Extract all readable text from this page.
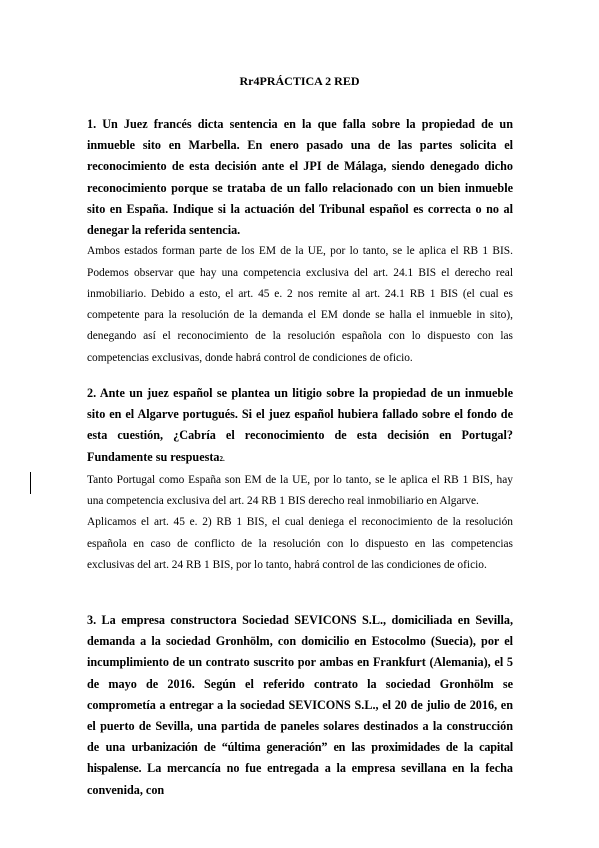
Rr4PRÁCTICA 2 RED

1. Un Juez francés dicta sentencia en la que falla sobre la propiedad de un inmueble sito en Marbella. En enero pasado una de las partes solicita el reconocimiento de esta decisión ante el JPI de Málaga, siendo denegado dicho reconocimiento porque se trataba de un fallo relacionado con un bien inmueble sito en España. Indique si la actuación del Tribunal español es correcta o no al denegar la referida sentencia.

Ambos estados forman parte de los EM de la UE, por lo tanto, se le aplica el RB 1 BIS. Podemos observar que hay una competencia exclusiva del art. 24.1 BIS el derecho real inmobiliario. Debido a esto, el art. 45 e. 2 nos remite al art. 24.1 RB 1 BIS (el cual es competente para la resolución de la demanda el EM donde se halla el inmueble in sito), denegando así el reconocimiento de la resolución española con lo dispuesto con las competencias exclusivas, donde habrá control de condiciones de oficio.

2. Ante un juez español se plantea un litigio sobre la propiedad de un inmueble sito en el Algarve portugués. Si el juez español hubiera fallado sobre el fondo de esta cuestión, ¿Cabría el reconocimiento de esta decisión en Portugal? Fundamente su respuesta2.

Tanto Portugal como España son EM de la UE, por lo tanto, se le aplica el RB 1 BIS, hay una competencia exclusiva del art. 24 RB 1 BIS derecho real inmobiliario en Algarve.

Aplicamos el art. 45 e. 2) RB 1 BIS, el cual deniega el reconocimiento de la resolución española en caso de conflicto de la resolución con lo dispuesto en las competencias exclusivas del art. 24 RB 1 BIS, por lo tanto, habrá control de las condiciones de oficio.

3. La empresa constructora Sociedad SEVICONS S.L., domiciliada en Sevilla, demanda a la sociedad Gronhölm, con domicilio en Estocolmo (Suecia), por el incumplimiento de un contrato suscrito por ambas en Frankfurt (Alemania), el 5 de mayo de 2016. Según el referido contrato la sociedad Gronhölm se comprometía a entregar a la sociedad SEVICONS S.L., el 20 de julio de 2016, en el puerto de Sevilla, una partida de paneles solares destinados a la construcción de una urbanización de “última generación” en las proximidades de la capital hispalense. La mercancía no fue entregada a la empresa sevillana en la fecha convenida, con
